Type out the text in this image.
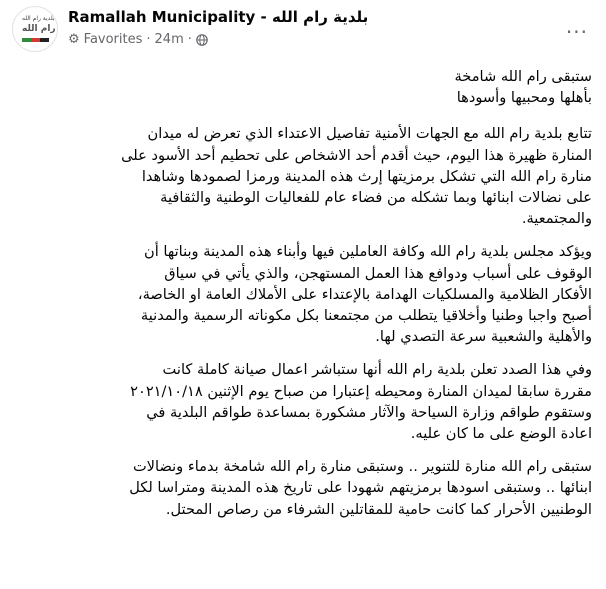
بلدية رام الله
رام الله
Ramallah Municipality - بلدية رام الله
⚙ Favorites · 24m ·	···

ستبقى رام الله شامخة
بأهلها ومحبيها وأسودها

تتابع بلدية رام الله مع الجهات الأمنية تفاصيل الاعتداء الذي تعرض له ميدان
المنارة ظهيرة هذا اليوم، حيث أقدم أحد الاشخاص على تحطيم أحد الأسود على
منارة رام الله التي تشكل برمزيتها إرث هذه المدينة ورمزا لصمودها وشاهدا
على نضالات ابنائها وبما تشكله من فضاء عام للفعاليات الوطنية والثقافية
والمجتمعية.

ويؤكد مجلس بلدية رام الله وكافة العاملين فيها وأبناء هذه المدينة وبناتها أن
الوقوف على أسباب ودوافع هذا العمل المستهجن، والذي يأتي في سياق
الأفكار الظلامية والمسلكيات الهدامة بالإعتداء على الأملاك العامة او الخاصة،
أصبح واجبا وطنيا وأخلاقيا يتطلب من مجتمعنا بكل مكوناته الرسمية والمدنية
والأهلية والشعبية سرعة التصدي لها.

وفي هذا الصدد تعلن بلدية رام الله أنها ستباشر اعمال صيانة كاملة كانت
مقررة سابقا لميدان المنارة ومحيطه إعتبارا من صباح يوم الإثنين ٢٠٢١/١٠/١٨
وستقوم طواقم وزارة السياحة والآثار مشكورة بمساعدة طواقم البلدية في
اعادة الوضع على ما كان عليه.

ستبقى رام الله منارة للتنوير .. وستبقى منارة رام الله شامخة بدماء ونضالات
ابنائها .. وستبقى اسودها برمزيتهم شهودا على تاريخ هذه المدينة ومتراسا لكل
الوطنيين الأحرار كما كانت حامية للمقاتلين الشرفاء من رصاص المحتل.
